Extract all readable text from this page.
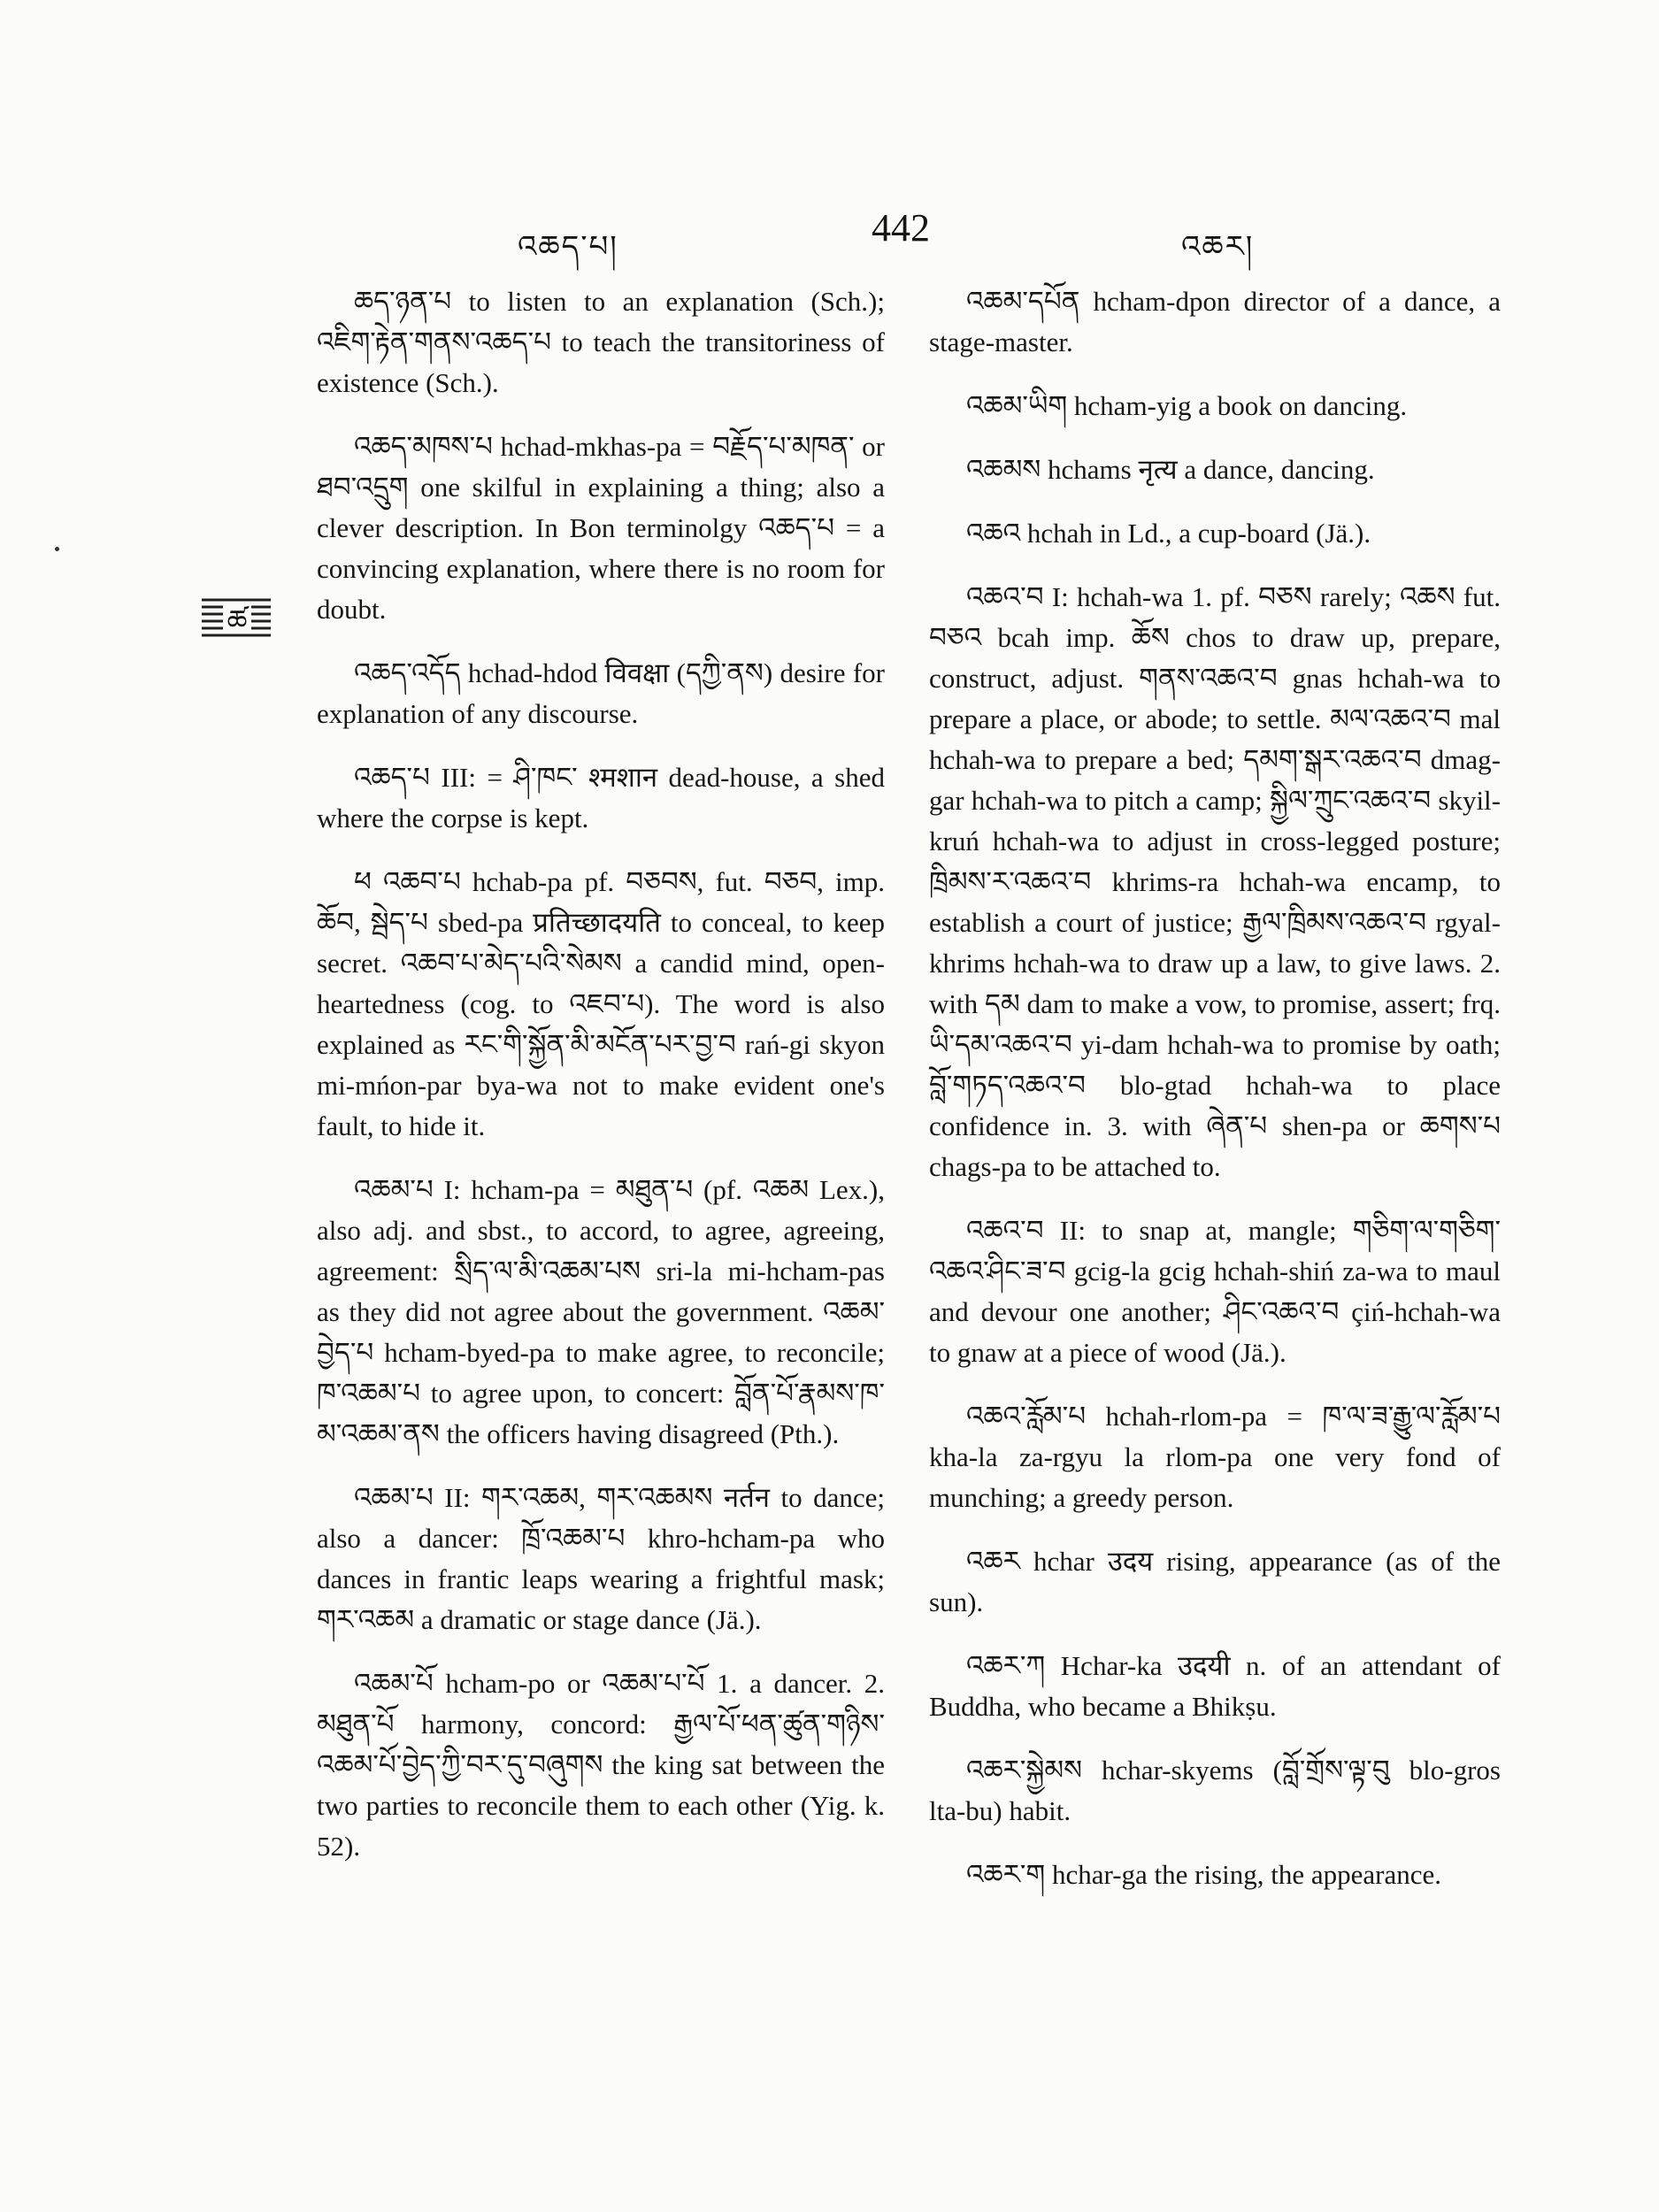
འཆད་པ།	442	འཆར།
ཚ

ཆད་ཉན་པ to listen to an explanation (Sch.); འཇིག་རྟེན་གནས་འཆད་པ to teach the transitoriness of existence (Sch.).

འཆད་མཁས་པ hchad-mkhas-pa = བརྗོད་པ་མཁན་ or ཐབ་འདྲུག one skilful in explaining a thing; also a clever description. In Bon terminolgy འཆད་པ = a convincing explanation, where there is no room for doubt.

འཆད་འདོད hchad-hdod विवक्षा (དཀྱི་ནས) desire for explanation of any discourse.

འཆད་པ III: = ཤི་ཁང་ श्मशान dead-house, a shed where the corpse is kept.

ཕ འཆབ་པ hchab-pa pf. བཅབས, fut. བཅབ, imp. ཆོབ, སྦེད་པ sbed-pa प्रतिच्छादयति to conceal, to keep secret. འཆབ་པ་མེད་པའི་སེམས a candid mind, open-heartedness (cog. to འཇབ་པ). The word is also explained as རང་གི་སྐྱོན་མི་མངོན་པར་བྱ་བ rań-gi skyon mi-mńon-par bya-wa not to make evident one's fault, to hide it.

འཆམ་པ I: hcham-pa = མཐུན་པ (pf. འཆམ Lex.), also adj. and sbst., to accord, to agree, agreeing, agreement: སྲིད་ལ་མི་འཆམ་པས sri-la mi-hcham-pas as they did not agree about the government. འཆམ་བྱེད་པ hcham-byed-pa to make agree, to reconcile; ཁ་འཆམ་པ to agree upon, to concert: བློན་པོ་རྣམས་ཁ་མ་འཆམ་ནས the officers having disagreed (Pth.).

འཆམ་པ II: གར་འཆམ, གར་འཆམས नर्तन to dance; also a dancer: ཁྲོ་འཆམ་པ khro-hcham-pa who dances in frantic leaps wearing a frightful mask; གར་འཆམ a dramatic or stage dance (Jä.).

འཆམ་པོ hcham-po or འཆམ་པ་པོ 1. a dancer. 2. མཐུན་པོ harmony, concord: རྒྱལ་པོ་ཕན་ཚུན་གཉིས་འཆམ་པོ་བྱེད་ཀྱི་བར་དུ་བཞུགས the king sat between the two parties to reconcile them to each other (Yig. k. 52).

འཆམ་དཔོན hcham-dpon director of a dance, a stage-master.

འཆམ་ཡིག hcham-yig a book on dancing.

འཆམས hchams नृत्य a dance, dancing.

འཆའ hchah in Ld., a cup-board (Jä.).

འཆའ་བ I: hchah-wa 1. pf. བཅས rarely; འཆས fut. བཅའ bcah imp. ཆོས chos to draw up, prepare, construct, adjust. གནས་འཆའ་བ gnas hchah-wa to prepare a place, or abode; to settle. མལ་འཆའ་བ mal hchah-wa to prepare a bed; དམག་སྒར་འཆའ་བ dmag-gar hchah-wa to pitch a camp; སྐྱིལ་ཀྲུང་འཆའ་བ skyil-kruń hchah-wa to adjust in cross-legged posture; ཁྲིམས་ར་འཆའ་བ khrims-ra hchah-wa encamp, to establish a court of justice; རྒྱལ་ཁྲིམས་འཆའ་བ rgyal-khrims hchah-wa to draw up a law, to give laws. 2. with དམ dam to make a vow, to promise, assert; frq. ཡི་དམ་འཆའ་བ yi-dam hchah-wa to promise by oath; བློ་གཏད་འཆའ་བ blo-gtad hchah-wa to place confidence in. 3. with ཞེན་པ shen-pa or ཆགས་པ chags-pa to be attached to.

འཆའ་བ II: to snap at, mangle; གཅིག་ལ་གཅིག་འཆའ་ཤིང་ཟ་བ gcig-la gcig hchah-shiń za-wa to maul and devour one another; ཤིང་འཆའ་བ çiń-hchah-wa to gnaw at a piece of wood (Jä.).

འཆའ་རློམ་པ hchah-rlom-pa = ཁ་ལ་ཟ་རྒྱུ་ལ་རློམ་པ kha-la za-rgyu la rlom-pa one very fond of munching; a greedy person.

འཆར hchar उदय rising, appearance (as of the sun).

འཆར་ཀ Hchar-ka उदयी n. of an attendant of Buddha, who became a Bhikṣu.

འཆར་སྐྱེམས hchar-skyems (བློ་གྲོས་ལྟ་བུ blo-gros lta-bu) habit.

འཆར་ག hchar-ga the rising, the appearance.
